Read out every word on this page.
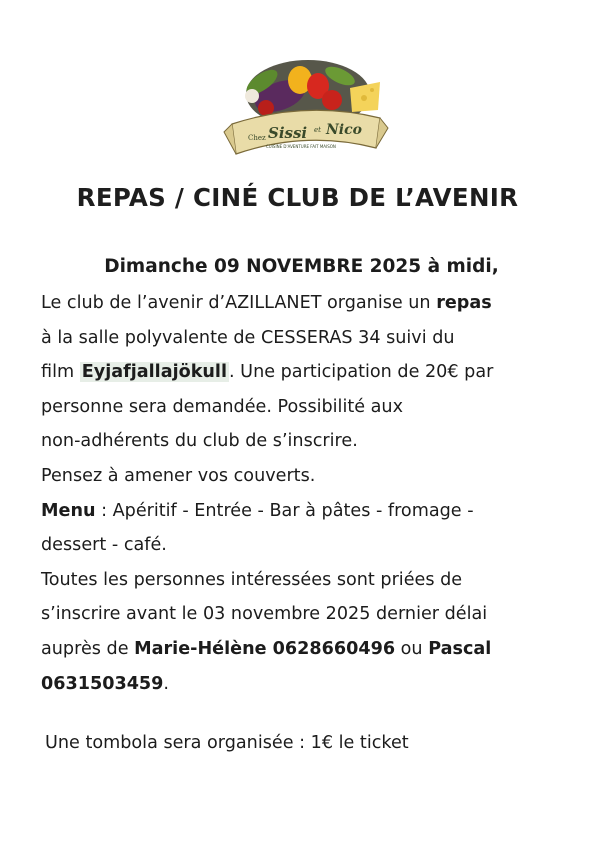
Chez Sissi et Nico
CUISINE D'AVENTURE FAIT MAISON
REPAS / CINÉ CLUB DE L’AVENIR
Dimanche 09 NOVEMBRE 2025 à midi,

Le club de l’avenir d’AZILLANET organise un repas

à la salle polyvalente de CESSERAS 34 suivi du

film Eyjafjallajökull . Une participation de 20€ par

personne sera demandée. Possibilité aux

non-adhérents du club de s’inscrire.

Pensez à amener vos couverts.

Menu : Apéritif - Entrée - Bar à pâtes - fromage -

dessert - café.

Toutes les personnes intéressées sont priées de

s’inscrire avant le 03 novembre 2025 dernier délai

auprès de Marie-Hélène 0628660496 ou Pascal

0631503459.

Une tombola sera organisée : 1€ le ticket
